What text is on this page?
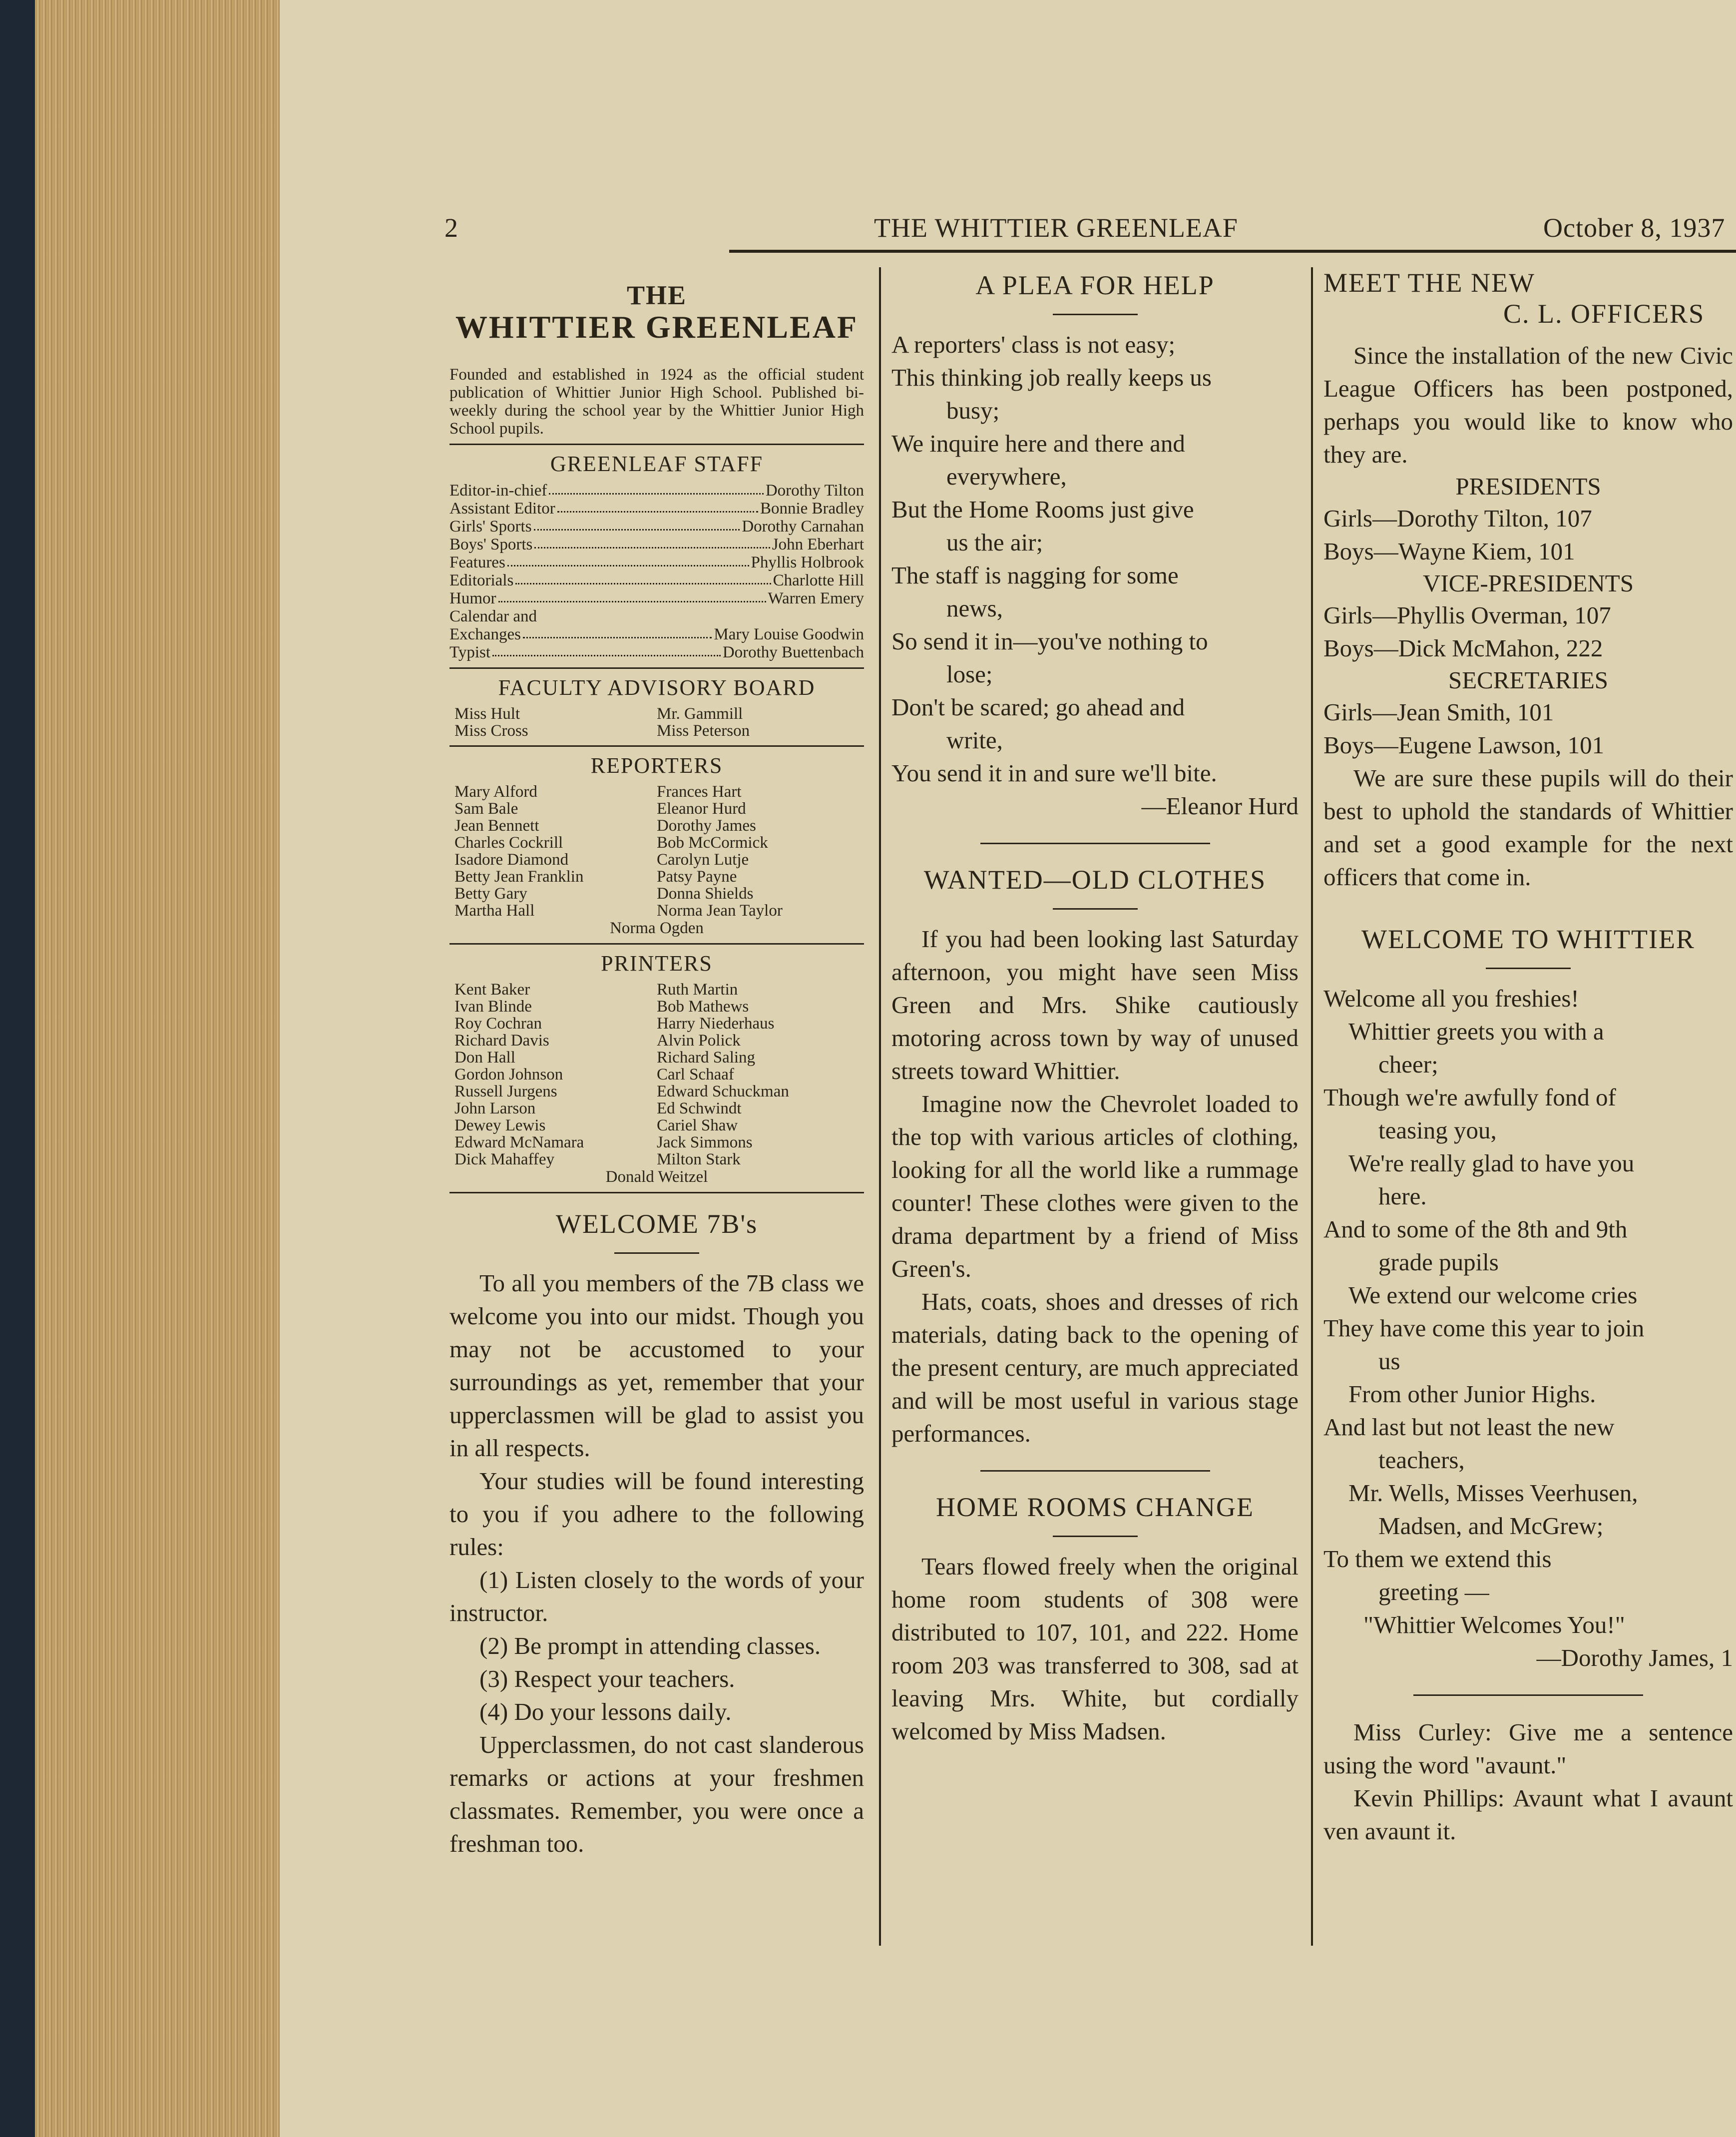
2	THE WHITTIER GREENLEAF	October 8, 1937
THE
WHITTIER GREENLEAF
Founded and established in 1924 as the official student publication of Whittier Junior High School. Published bi-weekly during the school year by the Whittier Junior High School pupils.
GREENLEAF STAFF
Editor-in-chief	Dorothy Tilton
Assistant Editor	Bonnie Bradley
Girls' Sports	Dorothy Carnahan
Boys' Sports	John Eberhart
Features	Phyllis Holbrook
Editorials	Charlotte Hill
Humor	Warren Emery
Calendar and
Exchanges	Mary Louise Goodwin
Typist	Dorothy Buettenbach
FACULTY ADVISORY BOARD
Miss Hult	Mr. Gammill
Miss Cross	Miss Peterson
REPORTERS
Mary Alford	Frances Hart
Sam Bale	Eleanor Hurd
Jean Bennett	Dorothy James
Charles Cockrill	Bob McCormick
Isadore Diamond	Carolyn Lutje
Betty Jean Franklin	Patsy Payne
Betty Gary	Donna Shields
Martha Hall	Norma Jean Taylor
Norma Ogden
PRINTERS
Kent Baker	Ruth Martin
Ivan Blinde	Bob Mathews
Roy Cochran	Harry Niederhaus
Richard Davis	Alvin Polick
Don Hall	Richard Saling
Gordon Johnson	Carl Schaaf
Russell Jurgens	Edward Schuckman
John Larson	Ed Schwindt
Dewey Lewis	Cariel Shaw
Edward McNamara	Jack Simmons
Dick Mahaffey	Milton Stark
Donald Weitzel
WELCOME 7B's

To all you members of the 7B class we welcome you into our midst. Though you may not be accustomed to your surroundings as yet, remember that your upperclassmen will be glad to assist you in all respects.

Your studies will be found interesting to you if you adhere to the following rules:

(1) Listen closely to the words of your instructor.

(2) Be prompt in attending classes.

(3) Respect your teachers.

(4) Do your lessons daily.

Upperclassmen, do not cast slanderous remarks or actions at your freshmen classmates. Remember, you were once a freshman too.

A PLEA FOR HELP
A reporters' class is not easy;
This thinking job really keeps us
busy;
We inquire here and there and
everywhere,
But the Home Rooms just give
us the air;
The staff is nagging for some
news,
So send it in—you've nothing to
lose;
Don't be scared; go ahead and
write,
You send it in and sure we'll bite.
—Eleanor Hurd
WANTED—OLD CLOTHES

If you had been looking last Saturday afternoon, you might have seen Miss Green and Mrs. Shike cautiously motoring across town by way of unused streets toward Whittier.

Imagine now the Chevrolet loaded to the top with various articles of clothing, looking for all the world like a rummage counter! These clothes were given to the drama department by a friend of Miss Green's.

Hats, coats, shoes and dresses of rich materials, dating back to the opening of the present century, are much appreciated and will be most useful in various stage performances.

HOME ROOMS CHANGE

Tears flowed freely when the original home room students of 308 were distributed to 107, 101, and 222. Home room 203 was transferred to 308, sad at leaving Mrs. White, but cordially welcomed by Miss Madsen.

MEET THE NEW
C. L. OFFICERS

Since the installation of the new Civic League Officers has been postponed, perhaps you would like to know who they are.

PRESIDENTS
Girls—Dorothy Tilton, 107
Boys—Wayne Kiem, 101
VICE-PRESIDENTS
Girls—Phyllis Overman, 107
Boys—Dick McMahon, 222
SECRETARIES
Girls—Jean Smith, 101
Boys—Eugene Lawson, 101

We are sure these pupils will do their best to uphold the standards of Whittier and set a good example for the next officers that come in.

WELCOME TO WHITTIER
Welcome all you freshies!
Whittier greets you with a
cheer;
Though we're awfully fond of
teasing you,
We're really glad to have you
here.
And to some of the 8th and 9th
grade pupils
We extend our welcome cries
They have come this year to join
us
From other Junior Highs.
And last but not least the new
teachers,
Mr. Wells, Misses Veerhusen,
Madsen, and McGrew;
To them we extend this
greeting —
"Whittier Welcomes You!"
—Dorothy James, 1

Miss Curley: Give me a sentence using the word "avaunt."

Kevin Phillips: Avaunt what I avaunt ven avaunt it.
